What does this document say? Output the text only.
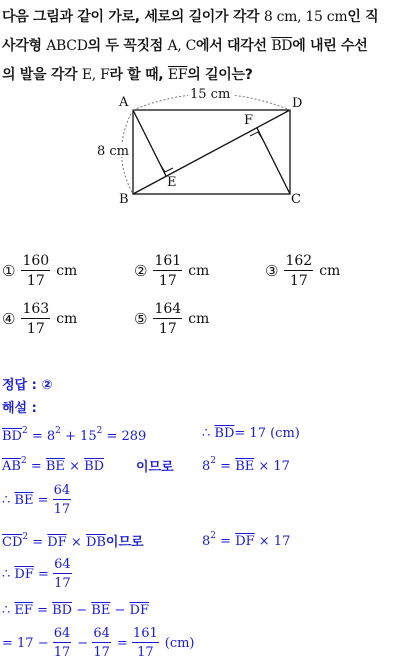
다음 그림과 같이 가로, 세로의 길이가 각각 8 cm, 15 cm인 직
사각형 ABCD의 두 꼭짓점 A, C에서 대각선 $\overline{BD}$에 내린 수선
의 발을 각각 E, F라 할 때, $\overline{EF}$의 길이는?
A	D
B	C
E
F
15 cm
8 cm
① $\frac{160}{17}$ cm	② $\frac{161}{17}$ cm	③ $\frac{162}{17}$ cm
④ $\frac{163}{17}$ cm	⑤ $\frac{164}{17}$ cm
정답 : ②
해설 :
$\overline{BD}^2 = 8^2 + 15^2 = 289$	∴ $\overline{BD}= 17$ (cm)
$\overline{AB}^2 = \overline{BE} \times \overline{BD}$ 이므로 $8^2 = \overline{BE} \times 17$
∴
$\overline{BE}$
=
$\frac{64}{17}$
$\overline{CD}^2 = \overline{DF} \times \overline{DB}$이므로	$8^2 = \overline{DF} \times 17$
∴
$\overline{DF}$
=
$\frac{64}{17}$
∴ $\overline{EF} = \overline{BD} - \overline{BE} - \overline{DF}$
= 17 −
$\frac{64}{17}$ −
$\frac{64}{17}$ =
$\frac{161}{17} (cm)$
